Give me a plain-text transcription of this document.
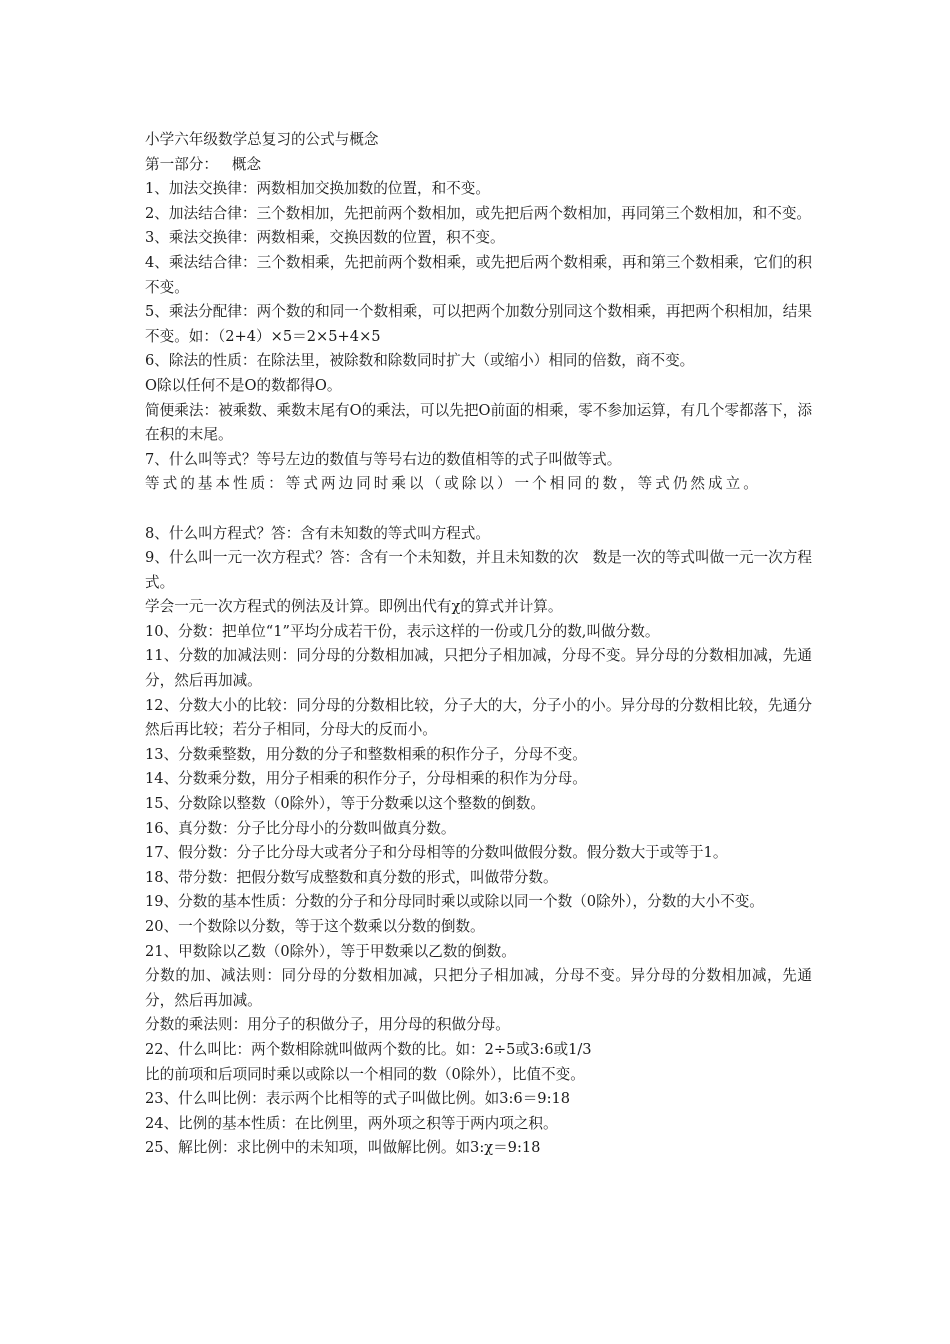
小学六年级数学总复习的公式与概念

第一部分：   概念

1、加法交换律：两数相加交换加数的位置，和不变。

2、加法结合律：三个数相加，先把前两个数相加，或先把后两个数相加，再同第三个数相加，和不变。

3、乘法交换律：两数相乘，交换因数的位置，积不变。

4、乘法结合律：三个数相乘，先把前两个数相乘，或先把后两个数相乘，再和第三个数相乘，它们的积不变。

5、乘法分配律：两个数的和同一个数相乘，可以把两个加数分别同这个数相乘，再把两个积相加，结果不变。如：（2+4）×5＝2×5+4×5

6、除法的性质：在除法里，被除数和除数同时扩大（或缩小）相同的倍数，商不变。

O除以任何不是O的数都得O。

简便乘法：被乘数、乘数末尾有O的乘法，可以先把O前面的相乘，零不参加运算，有几个零都落下，添在积的末尾。

7、什么叫等式？等号左边的数值与等号右边的数值相等的式子叫做等式。

等式的基本性质：等式两边同时乘以（或除以）一个相同的数，等式仍然成立。

8、什么叫方程式？答：含有未知数的等式叫方程式。

9、什么叫一元一次方程式？答：含有一个未知数，并且未知数的次   数是一次的等式叫做一元一次方程式。

学会一元一次方程式的例法及计算。即例出代有χ的算式并计算。

10、分数：把单位“1”平均分成若干份，表示这样的一份或几分的数,叫做分数。

11、分数的加减法则：同分母的分数相加减，只把分子相加减，分母不变。异分母的分数相加减，先通分，然后再加减。

12、分数大小的比较：同分母的分数相比较，分子大的大，分子小的小。异分母的分数相比较，先通分然后再比较；若分子相同，分母大的反而小。

13、分数乘整数，用分数的分子和整数相乘的积作分子，分母不变。

14、分数乘分数，用分子相乘的积作分子，分母相乘的积作为分母。

15、分数除以整数（0除外），等于分数乘以这个整数的倒数。

16、真分数：分子比分母小的分数叫做真分数。

17、假分数：分子比分母大或者分子和分母相等的分数叫做假分数。假分数大于或等于1。

18、带分数：把假分数写成整数和真分数的形式，叫做带分数。

19、分数的基本性质：分数的分子和分母同时乘以或除以同一个数（0除外），分数的大小不变。

20、一个数除以分数，等于这个数乘以分数的倒数。

21、甲数除以乙数（0除外），等于甲数乘以乙数的倒数。

分数的加、减法则：同分母的分数相加减，只把分子相加减，分母不变。异分母的分数相加减，先通分，然后再加减。

分数的乘法则：用分子的积做分子，用分母的积做分母。

22、什么叫比：两个数相除就叫做两个数的比。如：2÷5或3:6或1/3

比的前项和后项同时乘以或除以一个相同的数（0除外），比值不变。

23、什么叫比例：表示两个比相等的式子叫做比例。如3:6＝9:18

24、比例的基本性质：在比例里，两外项之积等于两内项之积。

25、解比例：求比例中的未知项，叫做解比例。如3:χ＝9:18
